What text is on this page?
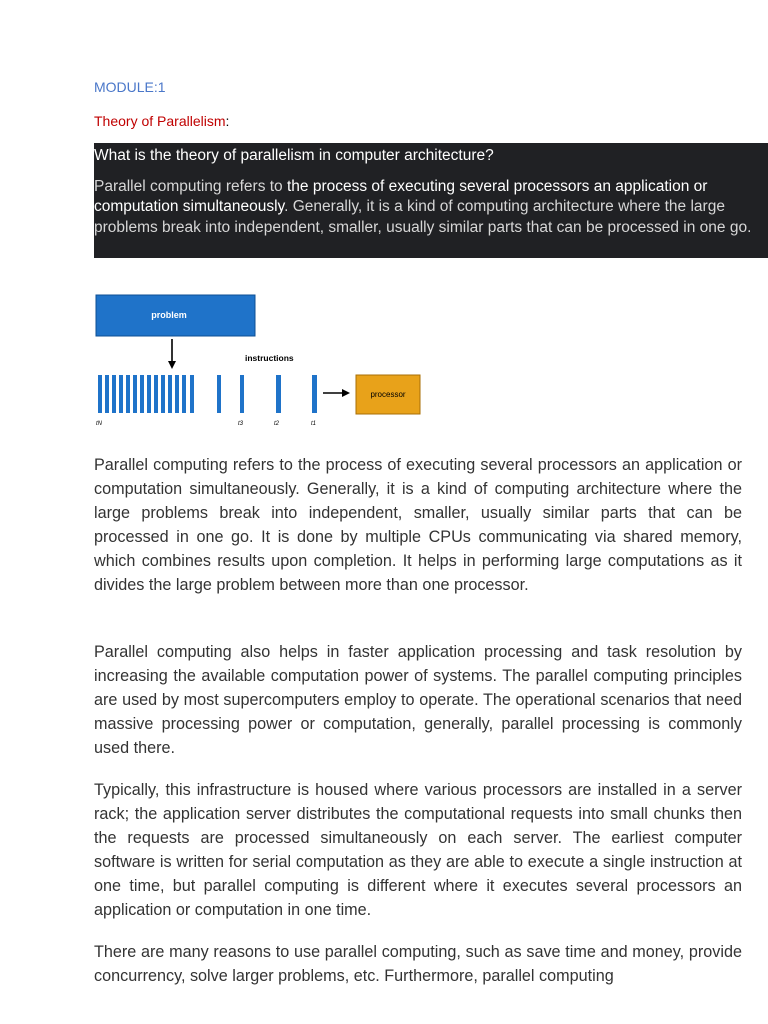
MODULE:1
Theory of Parallelism:
What is the theory of parallelism in computer architecture?
Parallel computing refers to the process of executing several processors an application or computation simultaneously. Generally, it is a kind of computing architecture where the large problems break into independent, smaller, usually similar parts that can be processed in one go.
problem
instructions
processor
tN	t3	t2	t1
Parallel computing refers to the process of executing several processors an application or computation simultaneously. Generally, it is a kind of computing architecture where the large problems break into independent, smaller, usually similar parts that can be processed in one go. It is done by multiple CPUs communicating via shared memory, which combines results upon completion. It helps in performing large computations as it divides the large problem between more than one processor.
Parallel computing also helps in faster application processing and task resolution by increasing the available computation power of systems. The parallel computing principles are used by most supercomputers employ to operate. The operational scenarios that need massive processing power or computation, generally, parallel processing is commonly used there.
Typically, this infrastructure is housed where various processors are installed in a server rack; the application server distributes the computational requests into small chunks then the requests are processed simultaneously on each server. The earliest computer software is written for serial computation as they are able to execute a single instruction at one time, but parallel computing is different where it executes several processors an application or computation in one time.
There are many reasons to use parallel computing, such as save time and money, provide concurrency, solve larger problems, etc. Furthermore, parallel computing
